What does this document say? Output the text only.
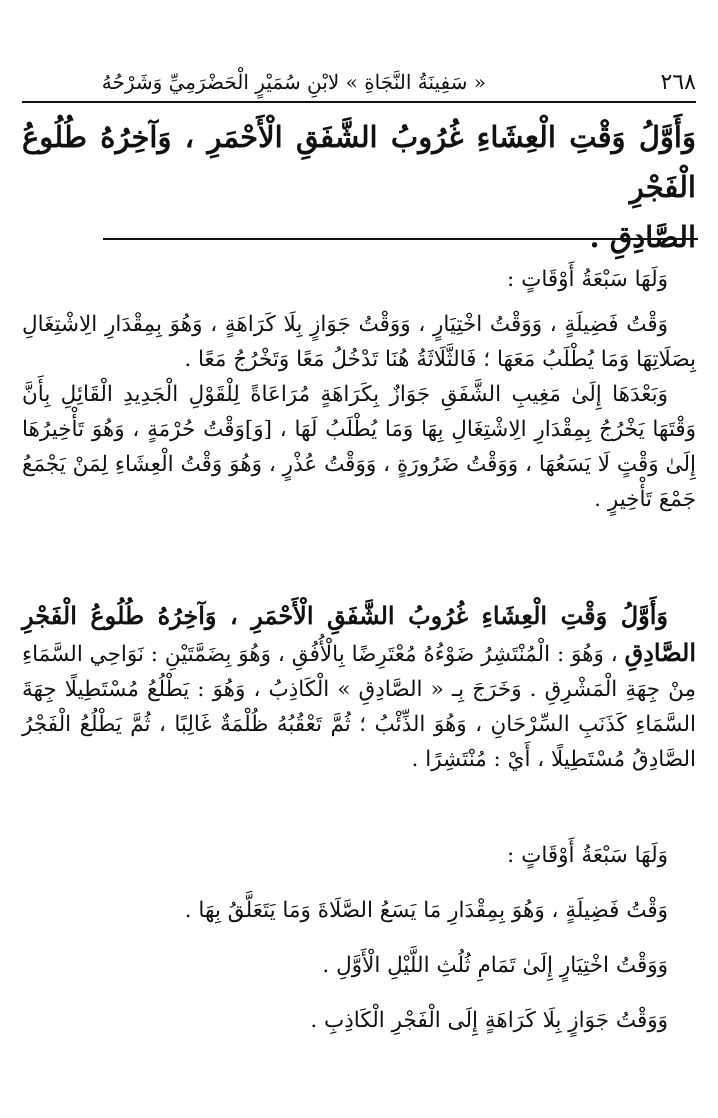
٢٦٨
« سَفِينَةُ النَّجَاةِ » لابْنِ سُمَيْرٍ الْحَضْرَمِيِّ وَشَرْحُهُ
وَأَوَّلُ وَقْتِ الْعِشَاءِ غُرُوبُ الشَّفَقِ الْأَحْمَرِ ، وَآخِرُهُ طُلُوعُ الْفَجْرِ
الصَّادِقِ .

وَلَهَا سَبْعَةُ أَوْقَاتٍ :

وَقْتُ فَضِيلَةٍ ، وَوَقْتُ اخْتِيَارٍ ، وَوَقْتُ جَوَازٍ بِلَا كَرَاهَةٍ ، وَهُوَ بِمِقْدَارِ الِاشْتِغَالِ بِصَلَاتِهَا وَمَا يُطْلَبُ مَعَهَا ؛ فَالثَّلَاثَةُ هُنَا تَدْخُلُ مَعًا وَتَخْرُجُ مَعًا .

وَبَعْدَهَا إِلَىٰ مَغِيبِ الشَّفَقِ جَوَازٌ بِكَرَاهَةٍ مُرَاعَاةً لِلْقَوْلِ الْجَدِيدِ الْقَائِلِ بِأَنَّ وَقْتَهَا يَخْرُجُ بِمِقْدَارِ الِاشْتِغَالِ بِهَا وَمَا يُطْلَبُ لَهَا ، [وَ]وَقْتُ حُرْمَةٍ ، وَهُوَ تَأْخِيرُهَا إِلَىٰ وَقْتٍ لَا يَسَعُهَا ، وَوَقْتُ ضَرُورَةٍ ، وَوَقْتُ عُذْرٍ ، وَهُوَ وَقْتُ الْعِشَاءِ لِمَنْ يَجْمَعُ جَمْعَ تَأْخِيرٍ .

وَأَوَّلُ وَقْتِ الْعِشَاءِ غُرُوبُ الشَّفَقِ الْأَحْمَرِ ، وَآخِرُهُ طُلُوعُ الْفَجْرِ الصَّادِقِ ، وَهُوَ : الْمُنْتَشِرُ ضَوْءُهُ مُعْتَرِضًا بِالْأُفُقِ ، وَهُوَ بِضَمَّتَيْنِ : نَوَاحِي السَّمَاءِ مِنْ جِهَةِ الْمَشْرِقِ . وَخَرَجَ بِـ « الصَّادِقِ » الْكَاذِبُ ، وَهُوَ : يَطْلُعُ مُسْتَطِيلًا جِهَةَ السَّمَاءِ كَذَنَبِ السِّرْحَانِ ، وَهُوَ الذِّئْبُ ؛ ثُمَّ تَعْقُبُهُ ظُلْمَةٌ غَالِبًا ، ثُمَّ يَطْلُعُ الْفَجْرُ الصَّادِقُ مُسْتَطِيلًا ، أَيْ : مُنْتَشِرًا .

وَلَهَا سَبْعَةُ أَوْقَاتٍ :

وَقْتُ فَضِيلَةٍ ، وَهُوَ بِمِقْدَارِ مَا يَسَعُ الصَّلَاةَ وَمَا يَتَعَلَّقُ بِهَا .

وَوَقْتُ اخْتِيَارٍ إِلَىٰ تَمَامِ ثُلُثِ اللَّيْلِ الْأَوَّلِ .

وَوَقْتُ جَوَازٍ بِلَا كَرَاهَةٍ إِلَى الْفَجْرِ الْكَاذِبِ .
